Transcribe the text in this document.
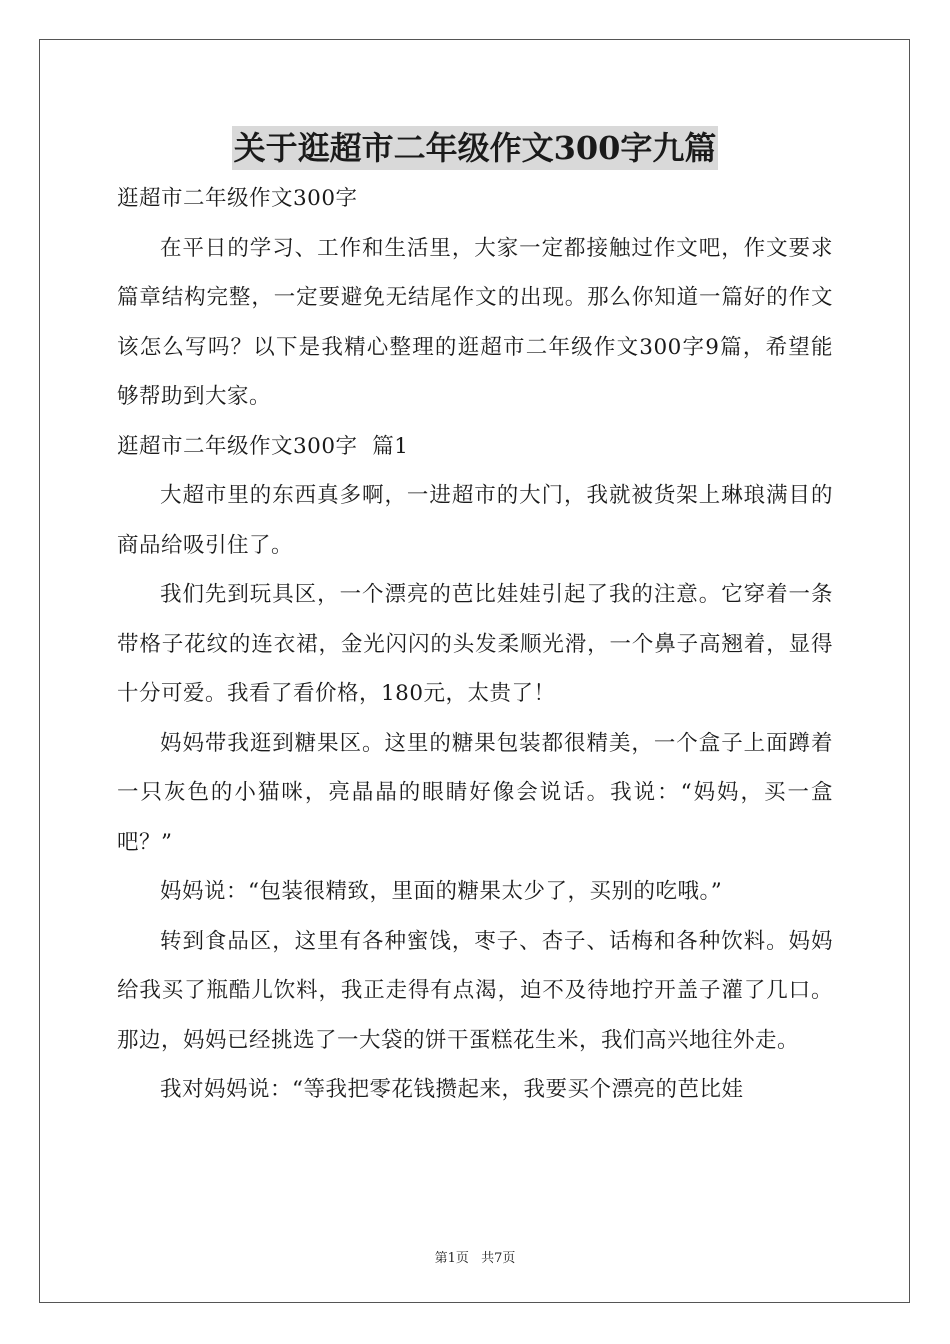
关于逛超市二年级作文300字九篇

逛超市二年级作文300字

在平日的学习、工作和生活里，大家一定都接触过作文吧，作文要求篇章结构完整，一定要避免无结尾作文的出现。那么你知道一篇好的作文该怎么写吗？以下是我精心整理的逛超市二年级作文300字9篇，希望能够帮助到大家。

逛超市二年级作文300字  篇1

大超市里的东西真多啊，一进超市的大门，我就被货架上琳琅满目的商品给吸引住了。

我们先到玩具区，一个漂亮的芭比娃娃引起了我的注意。它穿着一条带格子花纹的连衣裙，金光闪闪的头发柔顺光滑，一个鼻子高翘着，显得十分可爱。我看了看价格，180元，太贵了！

妈妈带我逛到糖果区。这里的糖果包装都很精美，一个盒子上面蹲着一只灰色的小猫咪，亮晶晶的眼睛好像会说话。我说：“妈妈，买一盒吧？”

妈妈说：“包装很精致，里面的糖果太少了，买别的吃哦。”

转到食品区，这里有各种蜜饯，枣子、杏子、话梅和各种饮料。妈妈给我买了瓶酷儿饮料，我正走得有点渴，迫不及待地拧开盖子灌了几口。那边，妈妈已经挑选了一大袋的饼干蛋糕花生米，我们高兴地往外走。

我对妈妈说：“等我把零花钱攒起来，我要买个漂亮的芭比娃

第1页 共7页
